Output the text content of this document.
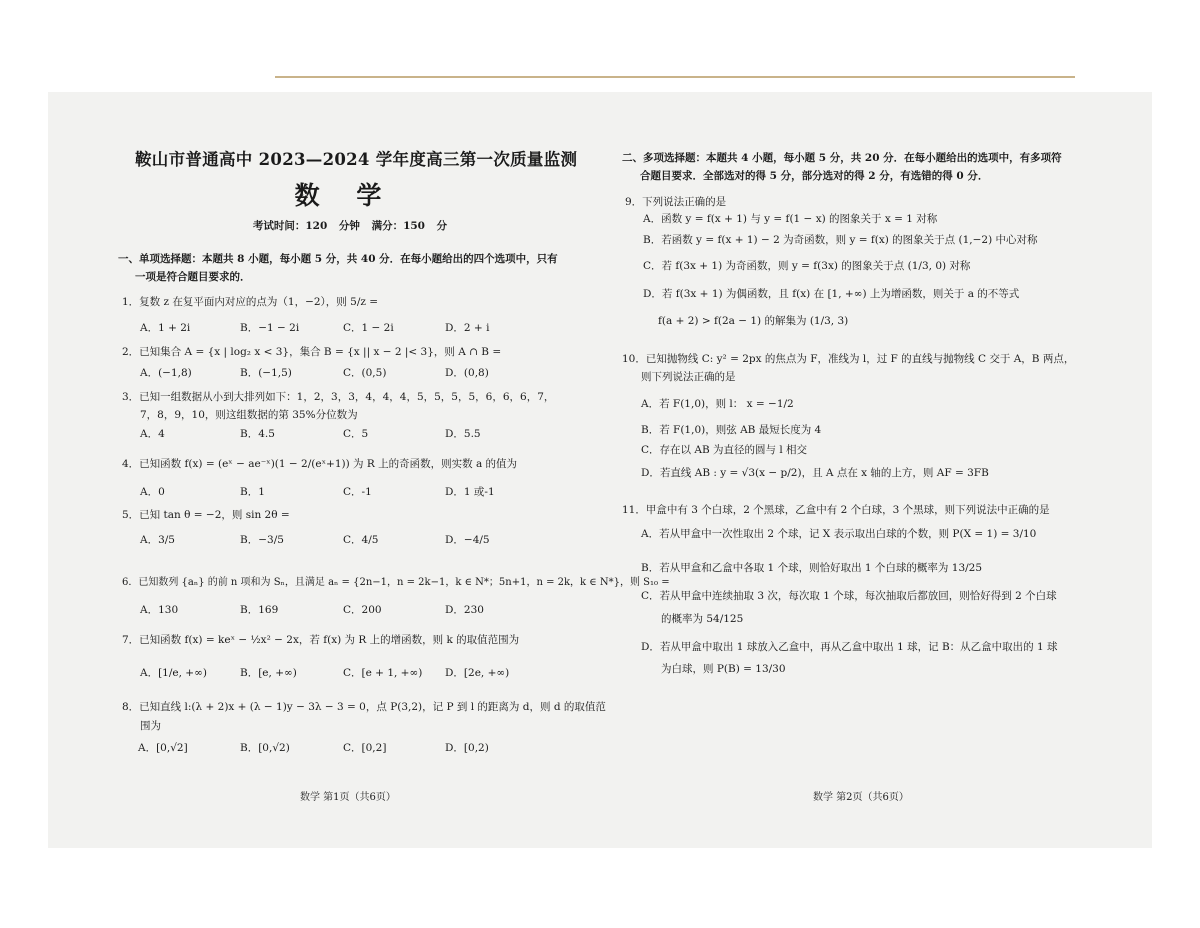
鞍山市普通高中 2023—2024 学年度高三第一次质量监测
数 学
考试时间：120 分钟 满分：150 分
一、单项选择题：本题共 8 小题，每小题 5 分，共 40 分．在每小题给出的四个选项中，只有
一项是符合题目要求的．
1．复数 z 在复平面内对应的点为（1，−2），则 5/z =
A．1 + 2i	B．−1 − 2i	C．1 − 2i	D．2 + i
2．已知集合 A = {x | log₂ x < 3}，集合 B = {x || x − 2 |< 3}，则 A ∩ B =
A．(−1,8)	B．(−1,5)	C．(0,5)	D．(0,8)
3．已知一组数据从小到大排列如下：1，2，3，3，4，4，4，5，5，5，5，6，6，6，7，
7，8，9，10，则这组数据的第 35%分位数为
A．4	B．4.5	C．5	D．5.5
4．已知函数 f(x) = (eˣ − ae⁻ˣ)(1 − 2/(eˣ+1)) 为 R 上的奇函数，则实数 a 的值为
A．0	B．1	C．-1	D．1 或-1
5．已知 tan θ = −2，则 sin 2θ =
A．3/5	B．−3/5	C．4/5	D．−4/5
6．已知数列 {aₙ} 的前 n 项和为 Sₙ，且满足 aₙ = {2n−1，n = 2k−1，k ∈ N*；5n+1，n = 2k，k ∈ N*}，则 S₁₀ =
A．130	B．169	C．200	D．230
7．已知函数 f(x) = keˣ − ½x² − 2x，若 f(x) 为 R 上的增函数，则 k 的取值范围为
A．[1/e, +∞)	B．[e, +∞)	C．[e + 1, +∞) D．[2e, +∞)
8．已知直线 l:(λ + 2)x + (λ − 1)y − 3λ − 3 = 0，点 P(3,2)，记 P 到 l 的距离为 d，则 d 的取值范
围为
A．[0,√2]	B．[0,√2)	C．[0,2]	D．[0,2)
数学 第1页（共6页）
二、多项选择题：本题共 4 小题，每小题 5 分，共 20 分．在每小题给出的选项中，有多项符
合题目要求．全部选对的得 5 分，部分选对的得 2 分，有选错的得 0 分．
9．下列说法正确的是
A．函数 y = f(x + 1) 与 y = f(1 − x) 的图象关于 x = 1 对称
B．若函数 y = f(x + 1) − 2 为奇函数，则 y = f(x) 的图象关于点 (1,−2) 中心对称
C．若 f(3x + 1) 为奇函数，则 y = f(3x) 的图象关于点 (1/3, 0) 对称
D．若 f(3x + 1) 为偶函数，且 f(x) 在 [1, +∞) 上为增函数，则关于 a 的不等式
f(a + 2) > f(2a − 1) 的解集为 (1/3, 3)
10．已知抛物线 C: y² = 2px 的焦点为 F，准线为 l，过 F 的直线与抛物线 C 交于 A，B 两点，
则下列说法正确的是
A．若 F(1,0)，则 l： x = −1/2
B．若 F(1,0)，则弦 AB 最短长度为 4
C．存在以 AB 为直径的圆与 l 相交
D．若直线 AB : y = √3(x − p/2)，且 A 点在 x 轴的上方，则 AF = 3FB
11．甲盒中有 3 个白球，2 个黑球，乙盒中有 2 个白球，3 个黑球，则下列说法中正确的是
A．若从甲盒中一次性取出 2 个球，记 X 表示取出白球的个数，则 P(X = 1) = 3/10
B．若从甲盒和乙盒中各取 1 个球，则恰好取出 1 个白球的概率为 13/25
C．若从甲盒中连续抽取 3 次，每次取 1 个球，每次抽取后都放回，则恰好得到 2 个白球
的概率为 54/125
D．若从甲盒中取出 1 球放入乙盒中，再从乙盒中取出 1 球，记 B：从乙盒中取出的 1 球
为白球，则 P(B) = 13/30
数学 第2页（共6页）
